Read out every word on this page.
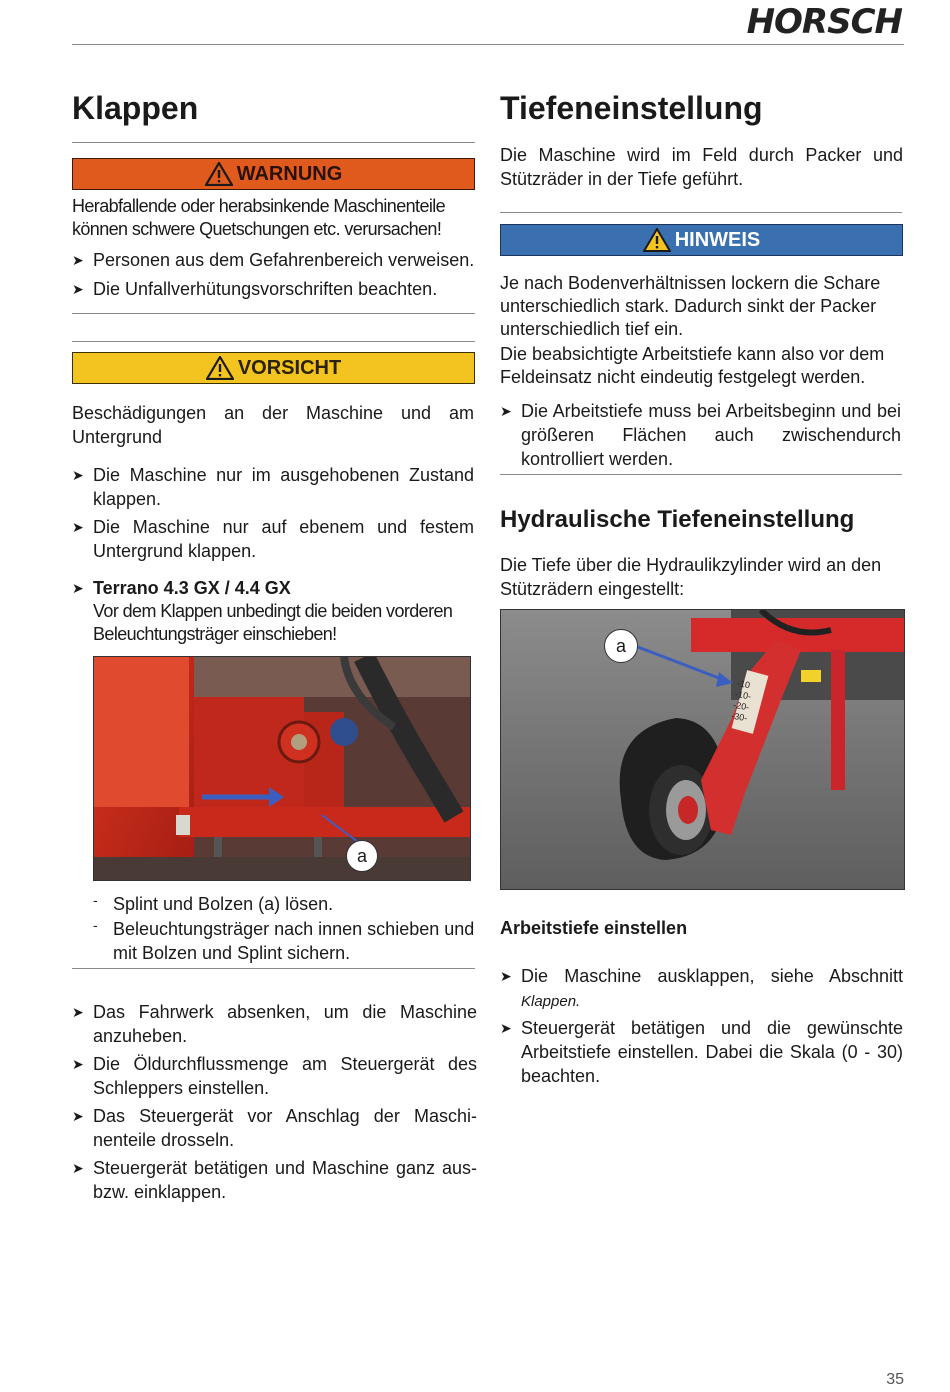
HORSCH
Klappen
WARNUNG
Herabfallende oder herabsinkende Maschinenteile können schwere Quetschungen etc. verursachen!
➤ Personen aus dem Gefahrenbereich verweisen.
➤ Die Unfallverhütungsvorschriften beachten.
VORSICHT
Beschädigungen an der Maschine und am Untergrund
➤ Die Maschine nur im ausgehobenen Zustand klappen.
➤ Die Maschine nur auf ebenem und festem Untergrund klappen.
➤ Terrano 4.3 GX / 4.4 GX
Vor dem Klappen unbedingt die beiden vorderen Beleuchtungsträger einschieben!
a
- Splint und Bolzen (a) lösen.
- Beleuchtungsträger nach innen schieben und mit Bolzen und Splint sichern.
➤ Das Fahrwerk absenken, um die Maschine anzuheben.
➤ Die Öldurchflussmenge am Steuergerät des Schleppers einstellen.
➤ Das Steuergerät vor Anschlag der Maschi-nenteile drosseln.
➤ Steuergerät betätigen und Maschine ganz aus- bzw. einklappen.
Tiefeneinstellung
Die Maschine wird im Feld durch Packer und Stützräder in der Tiefe geführt.
HINWEIS
Je nach Bodenverhältnissen lockern die Schare unterschiedlich stark. Dadurch sinkt der Packer unterschiedlich tief ein.
Die beabsichtigte Arbeitstiefe kann also vor dem Feldeinsatz nicht eindeutig festgelegt werden.
➤ Die Arbeitstiefe muss bei Arbeitsbeginn und bei größeren Flächen auch zwischendurch kontrolliert werden.
Hydraulische Tiefeneinstellung
Die Tiefe über die Hydraulikzylinder wird an den Stützrädern eingestellt:
a
-10
-10-
-20-
-30-
Arbeitstiefe einstellen
➤ Die Maschine ausklappen, siehe Abschnitt
Klappen.
➤ Steuergerät betätigen und die gewünschte Arbeitstiefe einstellen. Dabei die Skala (0 - 30) beachten.
35
